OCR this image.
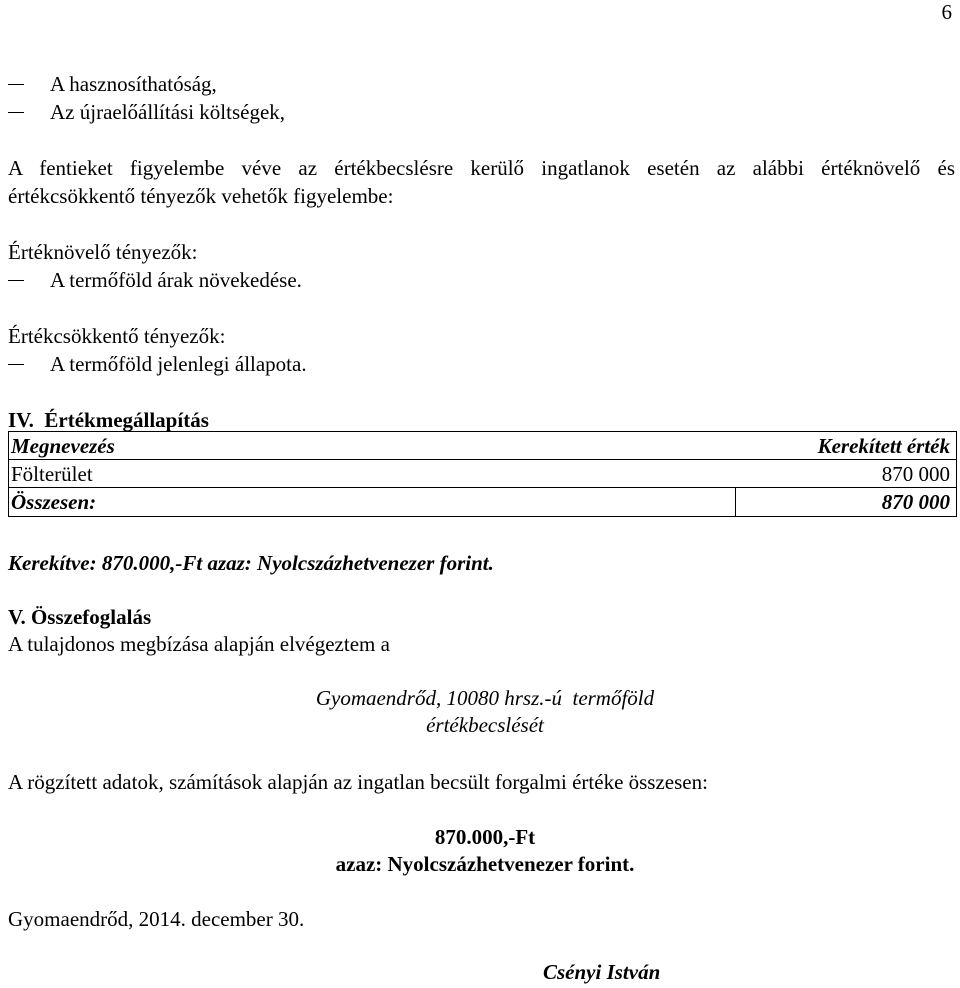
6
A hasznosíthatóság,
Az újraelőállítási költségek,
A fentieket figyelembe véve az értékbecslésre kerülő ingatlanok esetén az alábbi értéknövelő és
értékcsökkentő tényezők vehetők figyelembe:
Értéknövelő tényezők:
A termőföld árak növekedése.
Értékcsökkentő tényezők:
A termőföld jelenlegi állapota.
IV.  Értékmegállapítás
Megnevezés	Kerekített érték
Fölterület	870 000
Összesen:	870 000
Kerekítve: 870.000,-Ft azaz: Nyolcszázhetvenezer forint.
V. Összefoglalás
A tulajdonos megbízása alapján elvégeztem a
Gyomaendrőd, 10080 hrsz.-ú  termőföld
értékbecslését
A rögzített adatok, számítások alapján az ingatlan becsült forgalmi értéke összesen:
870.000,-Ft
azaz: Nyolcszázhetvenezer forint.
Gyomaendrőd, 2014. december 30.
Csényi István
